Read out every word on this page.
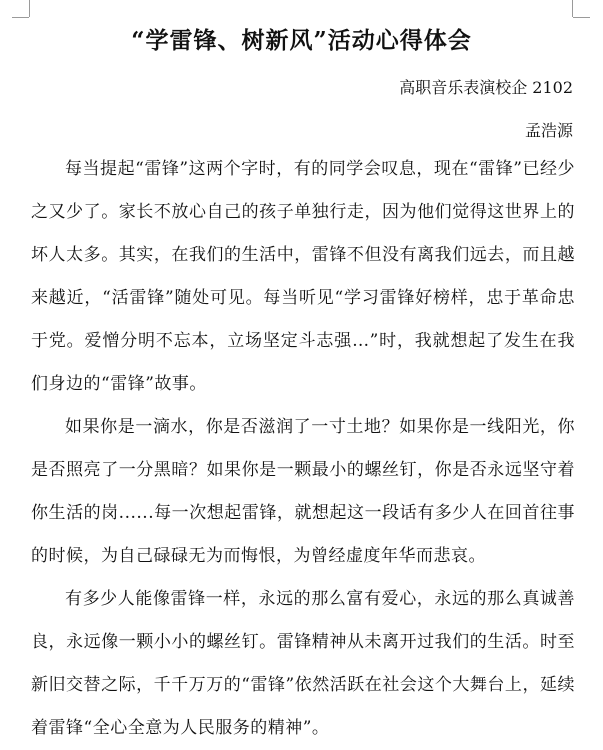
“学雷锋、树新风”活动心得体会
高职音乐表演校企 2102
孟浩源

每当提起“雷锋”这两个字时，有的同学会叹息，现在“雷锋”已经少之又少了。家长不放心自己的孩子单独行走，因为他们觉得这世界上的坏人太多。其实，在我们的生活中，雷锋不但没有离我们远去，而且越来越近，“活雷锋”随处可见。每当听见“学习雷锋好榜样，忠于革命忠于党。爱憎分明不忘本，立场坚定斗志强…”时，我就想起了发生在我们身边的“雷锋”故事。

如果你是一滴水，你是否滋润了一寸土地？如果你是一线阳光，你是否照亮了一分黑暗？如果你是一颗最小的螺丝钉，你是否永远坚守着你生活的岗......每一次想起雷锋，就想起这一段话有多少人在回首往事的时候，为自己碌碌无为而悔恨，为曾经虚度年华而悲哀。

有多少人能像雷锋一样，永远的那么富有爱心，永远的那么真诚善良，永远像一颗小小的螺丝钉。雷锋精神从未离开过我们的生活。时至新旧交替之际，千千万万的“雷锋”依然活跃在社会这个大舞台上，延续着雷锋“全心全意为人民服务的精神”。
